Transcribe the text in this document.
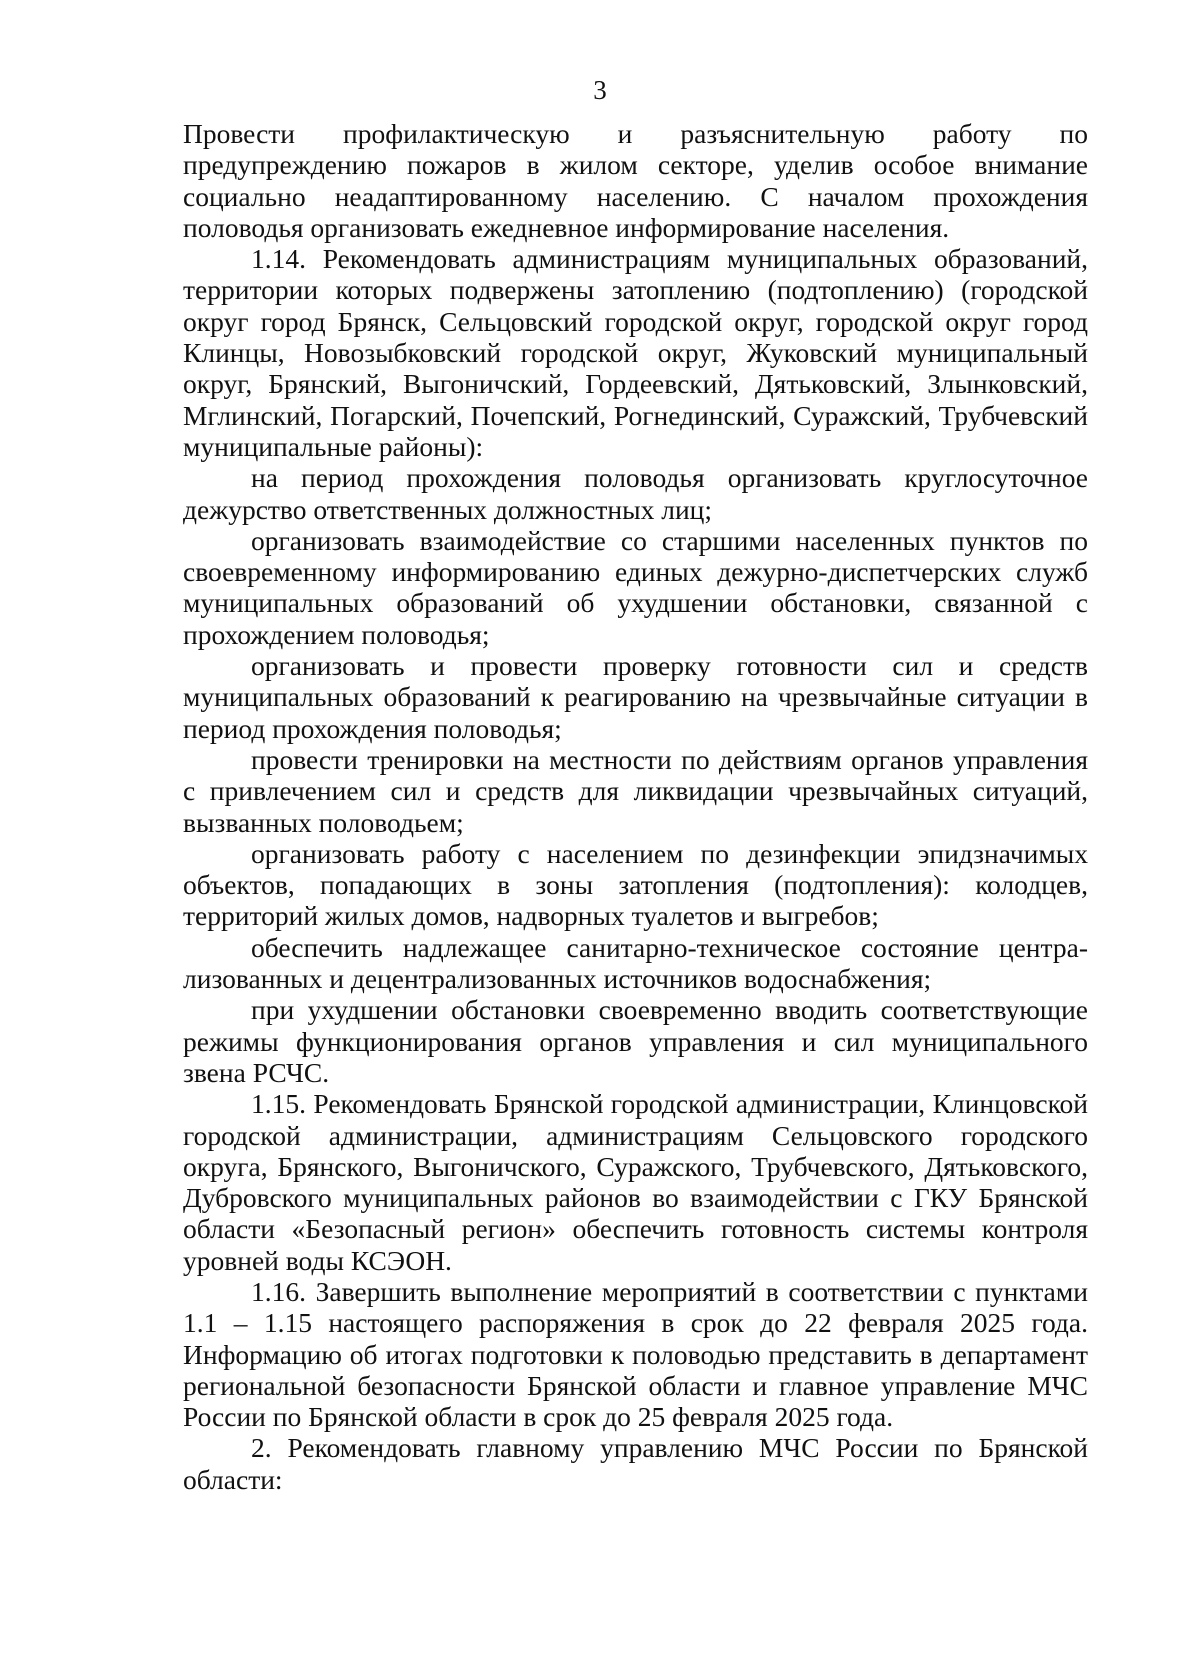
3

Провести профилактическую и разъяснительную работу по предупреждению пожаров в жилом секторе, уделив особое внимание социально неадаптированному населению. С началом прохождения половодья организовать ежедневное информирование населения.

1.14. Рекомендовать администрациям муниципальных образований, территории которых подвержены затоплению (подтоплению) (городской округ город Брянск, Сельцовский городской округ, городской округ город Клинцы, Новозыбковский городской округ, Жуковский муниципальный округ, Брянский, Выгоничский, Гордеевский, Дятьковский, Злынковский, Мглинский, Погарский, Почепский, Рогнединский, Суражский, Трубчевский муниципальные районы):

на период прохождения половодья организовать круглосуточное дежурство ответственных должностных лиц;

организовать взаимодействие со старшими населенных пунктов по своевременному информированию единых дежурно-диспетчерских служб муниципальных образований об ухудшении обстановки, связанной с прохождением половодья;

организовать и провести проверку готовности сил и средств муниципальных образований к реагированию на чрезвычайные ситуации в период прохождения половодья;

провести тренировки на местности по действиям органов управления с привлечением сил и средств для ликвидации чрезвычайных ситуаций, вызванных половодьем;

организовать работу с населением по дезинфекции эпидзначимых объектов, попадающих в зоны затопления (подтопления): колодцев, территорий жилых домов, надворных туалетов и выгребов;

обеспечить надлежащее санитарно-техническое состояние централизованных и децентрализованных источников водоснабжения;

при ухудшении обстановки своевременно вводить соответствующие режимы функционирования органов управления и сил муниципального звена РСЧС.

1.15. Рекомендовать Брянской городской администрации, Клинцовской городской администрации, администрациям Сельцовского городского округа, Брянского, Выгоничского, Суражского, Трубчевского, Дятьковского, Дубровского муниципальных районов во взаимодействии с ГКУ Брянской области «Безопасный регион» обеспечить готовность системы контроля уровней воды КСЭОН.

1.16. Завершить выполнение мероприятий в соответствии с пунктами 1.1 – 1.15 настоящего распоряжения в срок до 22 февраля 2025 года. Информацию об итогах подготовки к половодью представить в департамент региональной безопасности Брянской области и главное управление МЧС России по Брянской области в срок до 25 февраля 2025 года.

2. Рекомендовать главному управлению МЧС России по Брянской области:
